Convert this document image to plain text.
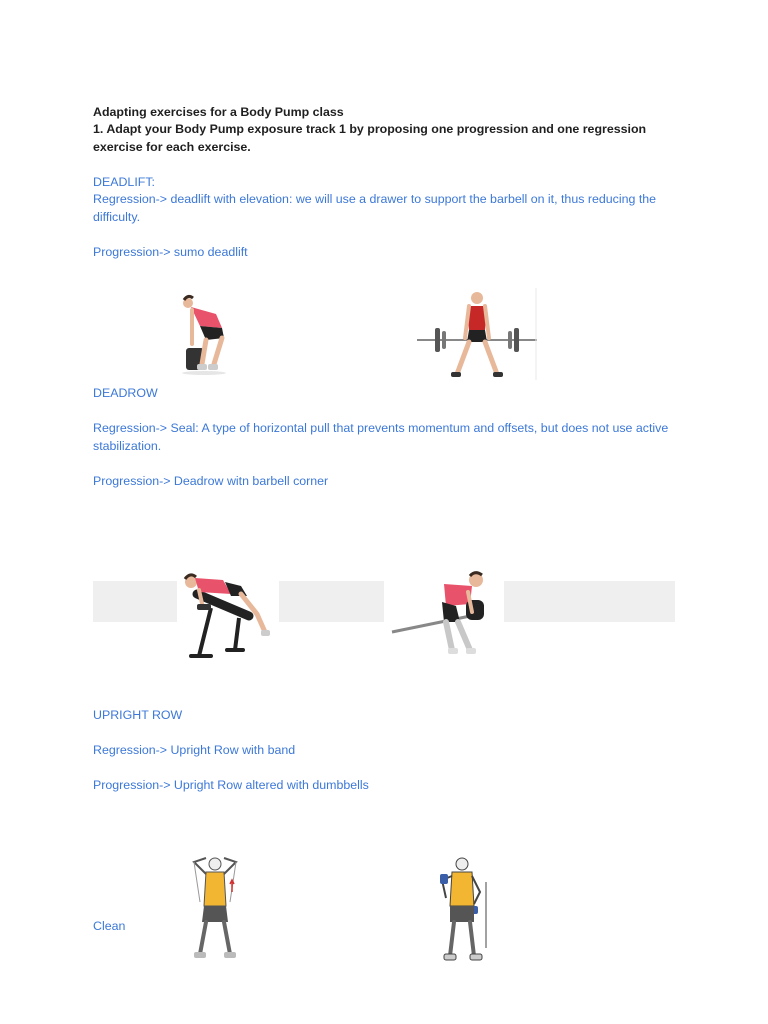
Adapting exercises for a Body Pump class
1. Adapt your Body Pump exposure track 1 by proposing one progression and one regression exercise for each exercise.
DEADLIFT:
Regression-> deadlift with elevation: we will use a drawer to support the barbell on it, thus reducing the difficulty.
Progression-> sumo deadlift
DEADROW
Regression-> Seal: A type of horizontal pull that prevents momentum and offsets, but does not use active stabilization.
Progression-> Deadrow witn barbell corner
UPRIGHT ROW
Regression-> Upright Row with band
Progression-> Upright Row altered with dumbbells
Clean
